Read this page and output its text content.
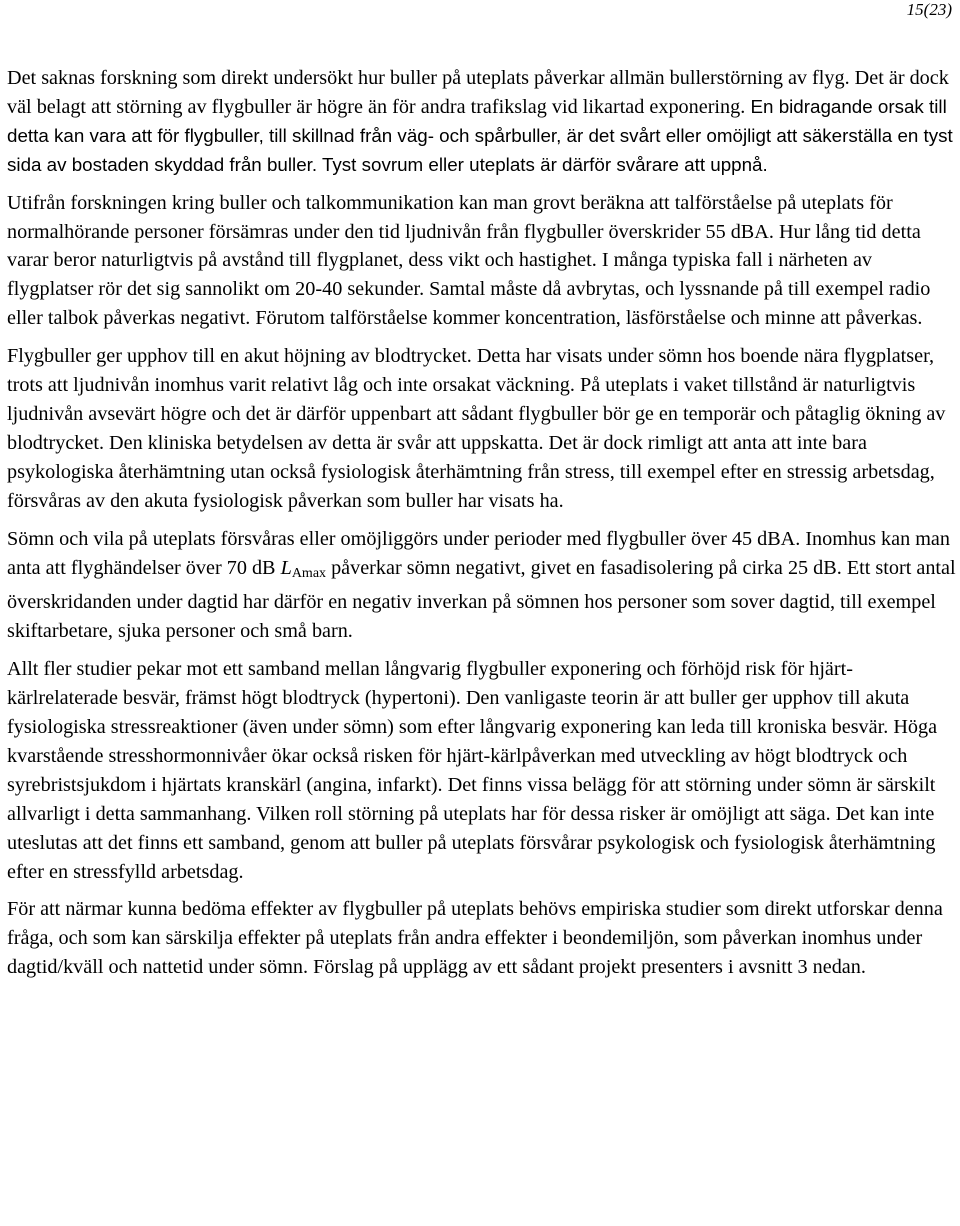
15(23)

Det saknas forskning som direkt undersökt hur buller på uteplats påverkar allmän bullerstörning av flyg. Det är dock väl belagt att störning av flygbuller är högre än för andra trafikslag vid likartad exponering. En bidragande orsak till detta kan vara att för flygbuller, till skillnad från väg- och spårbuller, är det svårt eller omöjligt att säkerställa en tyst sida av bostaden skyddad från buller. Tyst sovrum eller uteplats är därför svårare att uppnå.

Utifrån forskningen kring buller och talkommunikation kan man grovt beräkna att talförståelse på uteplats för normalhörande personer försämras under den tid ljudnivån från flygbuller överskrider 55 dBA. Hur lång tid detta varar beror naturligtvis på avstånd till flygplanet, dess vikt och hastighet. I många typiska fall i närheten av flygplatser rör det sig sannolikt om 20-40 sekunder. Samtal måste då avbrytas, och lyssnande på till exempel radio eller talbok påverkas negativt. Förutom talförståelse kommer koncentration, läsförståelse och minne att påverkas.

Flygbuller ger upphov till en akut höjning av blodtrycket. Detta har visats under sömn hos boende nära flygplatser, trots att ljudnivån inomhus varit relativt låg och inte orsakat väckning. På uteplats i vaket tillstånd är naturligtvis ljudnivån avsevärt högre och det är därför uppenbart att sådant flygbuller bör ge en temporär och påtaglig ökning av blodtrycket. Den kliniska betydelsen av detta är svår att uppskatta. Det är dock rimligt att anta att inte bara psykologiska återhämtning utan också fysiologisk återhämtning från stress, till exempel efter en stressig arbetsdag, försvåras av den akuta fysiologisk påverkan som buller har visats ha.

Sömn och vila på uteplats försvåras eller omöjliggörs under perioder med flygbuller över 45 dBA. Inomhus kan man anta att flyghändelser över 70 dB $L_{Amax}$ påverkar sömn negativt, givet en fasadisolering på cirka 25 dB. Ett stort antal överskridanden under dagtid har därför en negativ inverkan på sömnen hos personer som sover dagtid, till exempel skiftarbetare, sjuka personer och små barn.

Allt fler studier pekar mot ett samband mellan långvarig flygbuller exponering och förhöjd risk för hjärt-kärlrelaterade besvär, främst högt blodtryck (hypertoni). Den vanligaste teorin är att buller ger upphov till akuta fysiologiska stressreaktioner (även under sömn) som efter långvarig exponering kan leda till kroniska besvär. Höga kvarstående stresshormonnivåer ökar också risken för hjärt-kärlpåverkan med utveckling av högt blodtryck och syrebristsjukdom i hjärtats kranskärl (angina, infarkt). Det finns vissa belägg för att störning under sömn är särskilt allvarligt i detta sammanhang. Vilken roll störning på uteplats har för dessa risker är omöjligt att säga. Det kan inte uteslutas att det finns ett samband, genom att buller på uteplats försvårar psykologisk och fysiologisk återhämtning efter en stressfylld arbetsdag.

För att närmar kunna bedöma effekter av flygbuller på uteplats behövs empiriska studier som direkt utforskar denna fråga, och som kan särskilja effekter på uteplats från andra effekter i beondemiljön, som påverkan inomhus under dagtid/kväll och nattetid under sömn. Förslag på upplägg av ett sådant projekt presenters i avsnitt 3 nedan.
